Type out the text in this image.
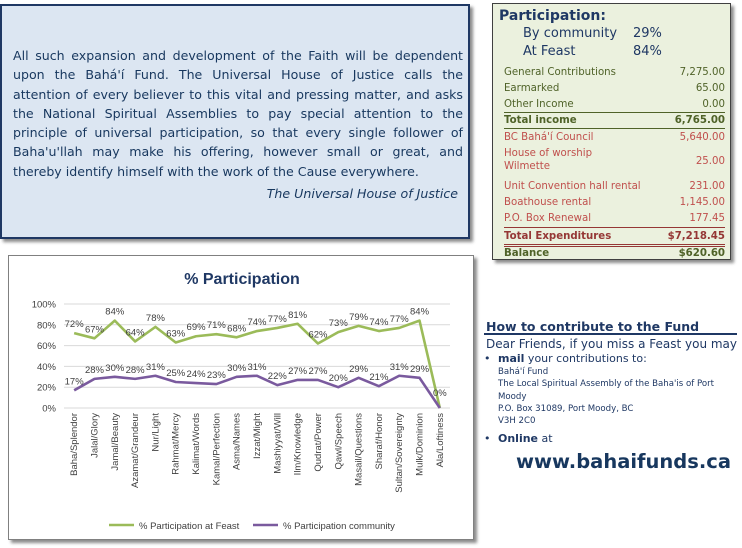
All such expansion and development of the Faith will be dependent upon the Bahá'í Fund. The Universal House of Justice calls the attention of every believer to this vital and pressing matter, and asks the National Spiritual Assemblies to pay special attention to the principle of universal participation, so that every single follower of Baha'u'llah may make his offering, however small or great, and thereby identify himself with the work of the Cause everywhere.

The Universal House of Justice
Participation:
By community 29%
At Feast	84%
General Contributions	7,275.00
Earmarked	65.00
Other Income	0.00
Total income	6,765.00
BC Bahá'í Council	5,640.00
House of worship Wilmette	25.00
Unit Convention hall rental	231.00
Boathouse rental	1,145.00
P.O. Box Renewal	177.45
Total Expenditures	$7,218.45
Balance	$620.60
% Participation
0%
20%
40%
60%
80%
100%
72% 67%
84%
64%
78%
63%
69% 71% 68%
74% 77% 81%
62%
73%
79% 74% 77%
84%
0%
17%
28% 30% 28% 31%
25% 24% 23%
30% 31%
22% 27% 27%
20%
29%
21%
31% 29%
Baha/Splendor Jalal/Glory Jamal/Beauty Azamat/Grandeur Nur/Light Rahmat/Mercy Kalimat/Words Kamal/Perfection Asma/Names Izzat/Might Mashiyyat/Will Ilm/Knowledge Qudrat/Power Qawl/Speech Masail/Questions Sharaf/Honor Sultan/Sovereignty Mulk/Dominion Ala/Loftiness
% Participation at Feast	% Participation community
How to contribute to the Fund
Dear Friends, if you miss a Feast you may
• mail your contributions to:
Bahá'í Fund
The Local Spiritual Assembly of the Baha'is of Port Moody
P.O. Box 31089, Port Moody, BC
V3H 2C0
• Online at
www.bahaifunds.ca
